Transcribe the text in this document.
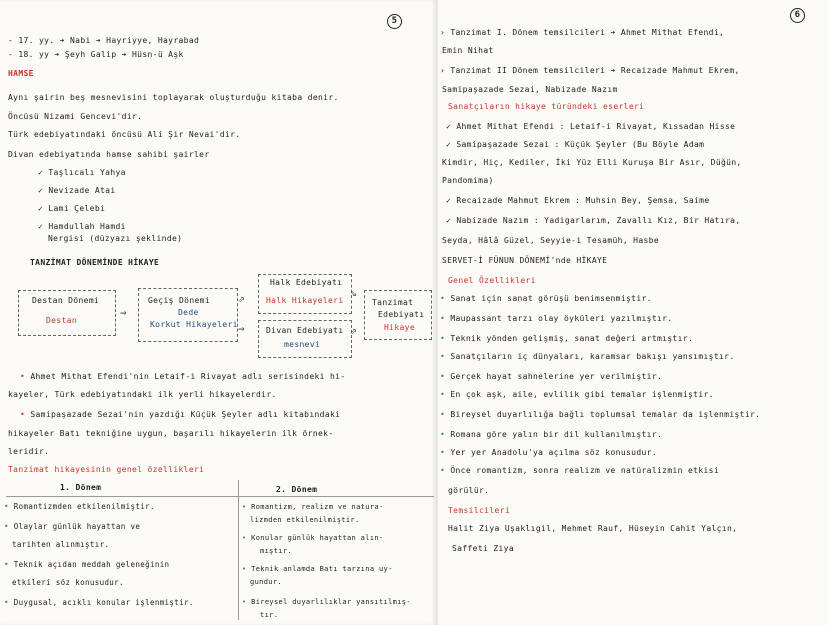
5
- 17. yy. ➔ Nabi ➔ Hayriyye, Hayrabad
- 18. yy ➔ Şeyh Galip ➔ Hüsn-ü Aşk
HAMSE
Aynı şairin beş mesnevisini toplayarak oluşturduğu kitaba denir.
Öncüsü Nizami Gencevi'dir.
Türk edebiyatındaki öncüsü Ali Şir Nevai'dir.
Divan edebiyatında hamse sahibi şairler
✓ Taşlıcalı Yahya
✓ Nevizade Atai
✓ Lami Çelebi
✓ Hamdullah Hamdi
Nergisi (düzyazı şeklinde)
TANZİMAT DÖNEMİNDE HİKAYE
Destan Dönemi
Destan
⇒
Geçiş Dönemi
Dede
Korkut Hikayeleri
⇗
⇒
Halk Edebiyatı
Halk Hikayeleri
Divan Edebiyatı
mesnevi
⇘
⇗
Tanzimat
Edebiyatı
Hikaye
• Ahmet Mithat Efendi'nin Letaif-i Rivayat adlı serisindeki hi-
kayeler, Türk edebiyatındaki ilk yerli hikayelerdir.
• Samipaşazade Sezai'nin yazdığı Küçük Şeyler adlı kitabındaki
hikayeler Batı tekniğine uygun, başarılı hikayelerin ilk örnek-
leridir.
Tanzimat hikayesinin genel özellikleri
1. Dönem	2. Dönem
• Romantizmden etkilenilmiştir.
• Olaylar günlük hayattan ve
tarihten alınmıştır.
• Teknik açıdan meddah geleneğinin
etkileri söz konusudur.
• Duygusal, acıklı konular işlenmiştir.
• Romantizm, realizm ve natura-
lizmden etkilenilmiştir.
• Konular günlük hayattan alın-
mıştır.
• Teknik anlamda Batı tarzına uy-
gundur.
• Bireysel duyarlılıklar yansıtılmış-
tır.
6
› Tanzimat I. Dönem temsilcileri ➔ Ahmet Mithat Efendi,
Emin Nihat
› Tanzimat II Dönem temsilcileri ➔ Recaizade Mahmut Ekrem,
Samipaşazade Sezai, Nabizade Nazım
Sanatçıların hikaye türündeki eserleri
✓ Ahmet Mithat Efendi : Letaif-i Rivayat, Kıssadan Hisse
✓ Samipaşazade Sezai : Küçük Şeyler (Bu Böyle Adam
Kimdir, Hiç, Kediler, İki Yüz Elli Kuruşa Bir Asır, Düğün,
Pandomima)
✓ Recaizade Mahmut Ekrem : Muhsin Bey, Şemsa, Saime
✓ Nabizade Nazım : Yadigarlarım, Zavallı Kız, Bir Hatıra,
Seyda, Hâlâ Güzel, Seyyie-i Tesamüh, Hasbe
SERVET-İ FÜNUN DÖNEMİ'nde HİKAYE
Genel Özellikleri
• Sanat için sanat görüşü benimsenmiştir.
• Maupassant tarzı olay öyküleri yazılmıştır.
• Teknik yönden gelişmiş, sanat değeri artmıştır.
• Sanatçıların iç dünyaları, karamsar bakışı yansımıştır.
• Gerçek hayat sahnelerine yer verilmiştir.
• En çok aşk, aile, evlilik gibi temalar işlenmiştir.
• Bireysel duyarlılığa bağlı toplumsal temalar da işlenmiştir.
• Romana göre yalın bir dil kullanılmıştır.
• Yer yer Anadolu'ya açılma söz konusudur.
• Önce romantizm, sonra realizm ve natüralizmin etkisi
görülür.
Temsilcileri
Halit Ziya Uşaklıgil, Mehmet Rauf, Hüseyin Cahit Yalçın,
Saffeti Ziya
